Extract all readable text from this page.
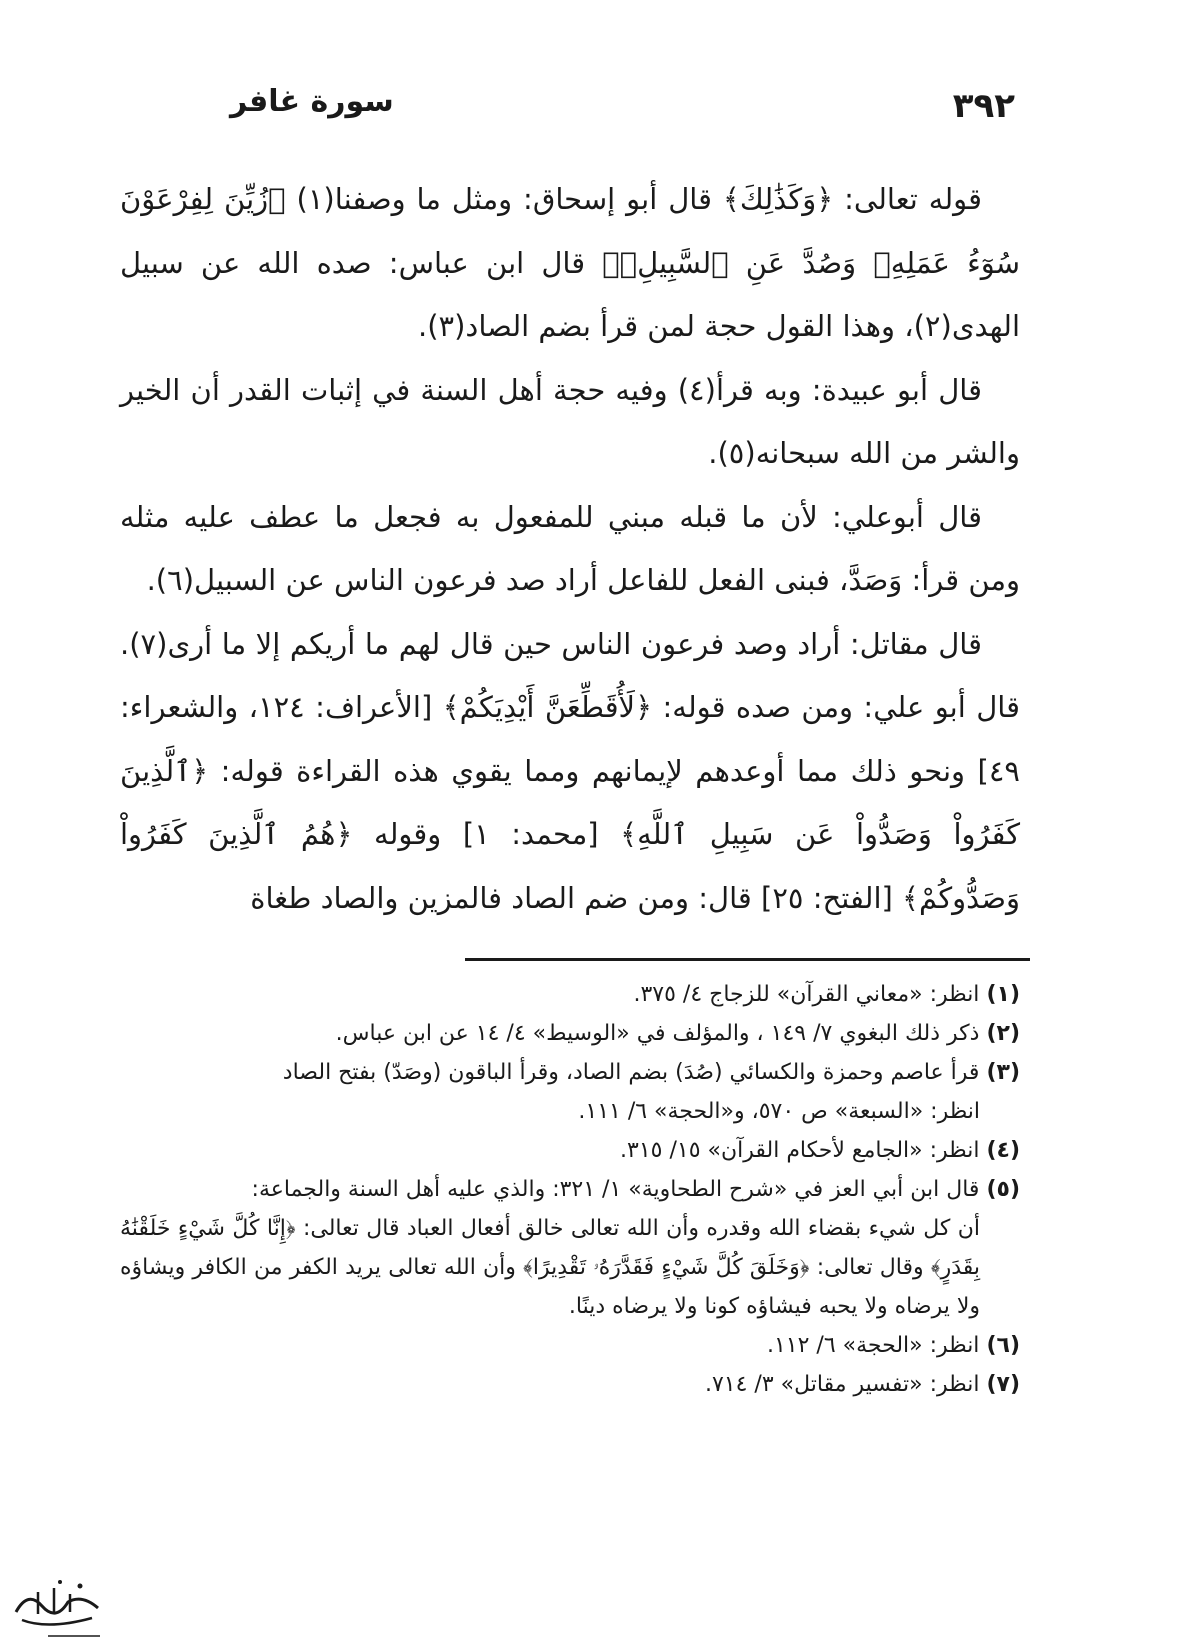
٣٩٢
سورة غافر

قوله تعالى: ﴿وَكَذَٰلِكَ﴾ قال أبو إسحاق: ومثل ما وصفنا(١) ﴿زُيِّنَ لِفِرْعَوْنَ سُوٓءُ عَمَلِهِۦ وَصُدَّ عَنِ ٱلسَّبِيلِۚ﴾ قال ابن عباس: صده الله عن سبيل الهدى(٢)، وهذا القول حجة لمن قرأ بضم الصاد(٣).

قال أبو عبيدة: وبه قرأ(٤) وفيه حجة أهل السنة في إثبات القدر أن الخير والشر من الله سبحانه(٥).

قال أبوعلي: لأن ما قبله مبني للمفعول به فجعل ما عطف عليه مثله ومن قرأ: وَصَدَّ، فبنى الفعل للفاعل أراد صد فرعون الناس عن السبيل(٦).

قال مقاتل: أراد وصد فرعون الناس حين قال لهم ما أريكم إلا ما أرى(٧). قال أبو علي: ومن صده قوله: ﴿لَأُقَطِّعَنَّ أَيْدِيَكُمْ﴾ [الأعراف: ١٢٤، والشعراء: ٤٩] ونحو ذلك مما أوعدهم لإيمانهم ومما يقوي هذه القراءة قوله: ﴿ٱلَّذِينَ كَفَرُواْ وَصَدُّواْ عَن سَبِيلِ ٱللَّهِ﴾ [محمد: ١] وقوله ﴿هُمُ ٱلَّذِينَ كَفَرُواْ وَصَدُّوكُمْ﴾ [الفتح: ٢٥] قال: ومن ضم الصاد فالمزين والصاد طغاة

(١) انظر: «معاني القرآن» للزجاج ٤/ ٣٧٥.

(٢) ذكر ذلك البغوي ٧/ ١٤٩ ، والمؤلف في «الوسيط» ٤/ ١٤ عن ابن عباس.

(٣) قرأ عاصم وحمزة والكسائي (صُدَ) بضم الصاد، وقرأ الباقون (وصَدّ) بفتح الصاد
انظر: «السبعة» ص ٥٧٠، و«الحجة» ٦/ ١١١.

(٤) انظر: «الجامع لأحكام القرآن» ١٥/ ٣١٥.

(٥) قال ابن أبي العز في «شرح الطحاوية» ١/ ٣٢١: والذي عليه أهل السنة والجماعة:
أن كل شيء بقضاء الله وقدره وأن الله تعالى خالق أفعال العباد قال تعالى: ﴿إِنَّا كُلَّ شَيْءٍ خَلَقْنَٰهُ بِقَدَرٍ﴾ وقال تعالى: ﴿وَخَلَقَ كُلَّ شَيْءٍ فَقَدَّرَهُۥ تَقْدِيرًا﴾ وأن الله تعالى يريد الكفر من الكافر ويشاؤه ولا يرضاه ولا يحبه فيشاؤه كونا ولا يرضاه دينًا.

(٦) انظر: «الحجة» ٦/ ١١٢.

(٧) انظر: «تفسير مقاتل» ٣/ ٧١٤.
